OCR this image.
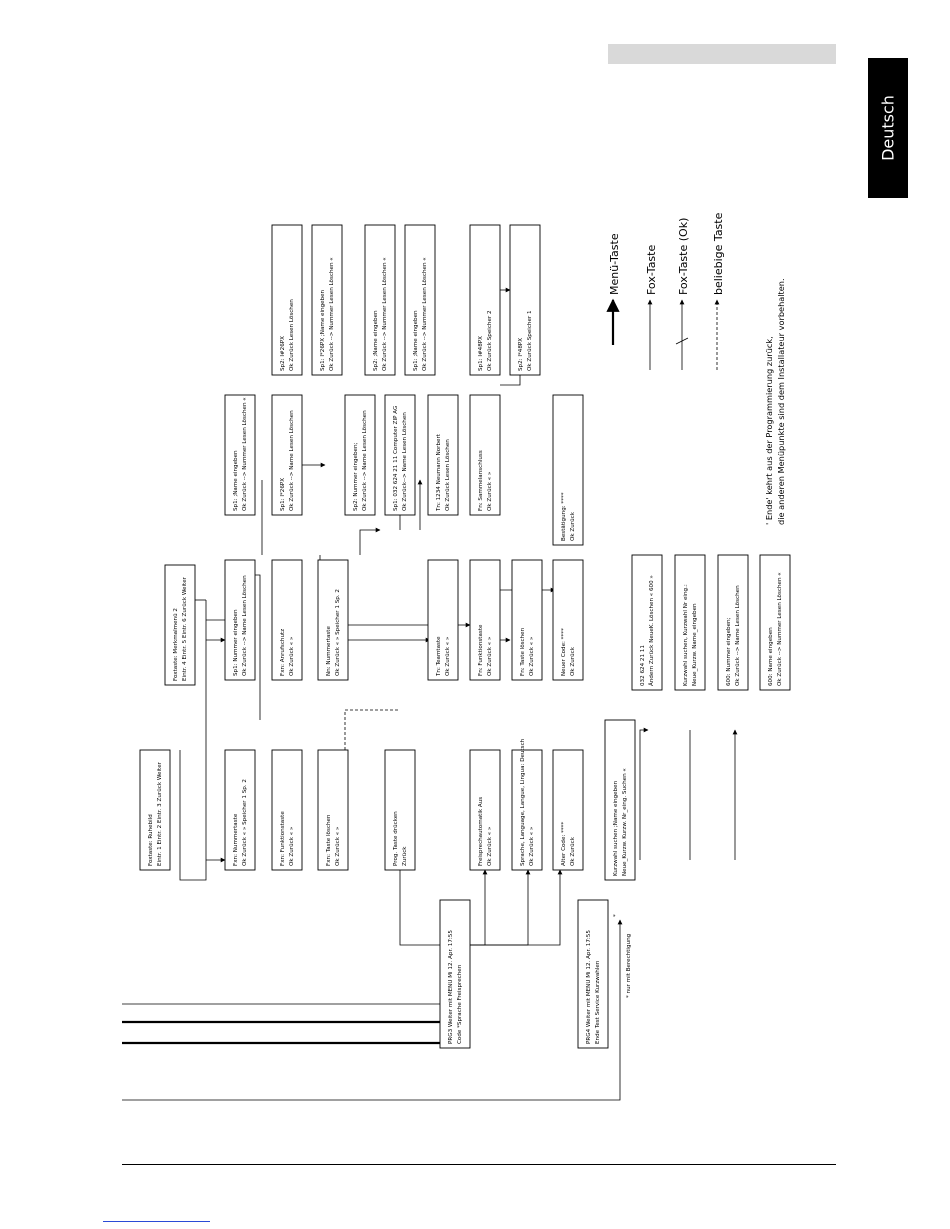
Deutsch
PRG3 Weiter mit MENU Mi 12. Apr. 17:55 Code *Sprache Freisprechen	PRG4 Weiter mit MENU Mi 12. Apr. 17:55 Ende Test Service Kurzwahlen
Foxtaste: Ruhebild Eintr. 1 Eintr. 2 Eintr. 3 Zurück Weiter
Foxtaste: Merkmalmenü 2 Eintr. 4 Eintr. 5 Eintr. 6 Zurück Weiter
Fxn: Nummertaste Ok Zurück « » Speicher 1 Sp. 2
Sp1: Nummer eingeben Ok Zurück --> Name Lesen Löschen
Sp1: ;Name eingeben Ok Zurück --> Nummer Lesen Löschen «
Fxn: Funktionstaste Ok Zurück « »
Fxn: Anrufschutz Ok Zurück « »
Sp1: I*26PX Ok Zurück --> Name Lesen Löschen
Sp1: I*26PX ;Name eingeben Ok Zurück --> Nummer Lesen Löschen «
Sp2: I#26PX Ok Zurück Lesen Löschen
Fxn: Taste löschen Ok Zurück « »
Nn: Nummertaste Ok Zurück « » Speicher 1 Sp. 2
Sp2: Nummer eingeben; Ok Zurück --> Name Lesen Löschen
Sp2: ;Name eingeben Ok Zurück --> Nummer Lesen Löschen «
Sp1: 032 624 21 11 Computer ZIP AG Ok Zurück--> Name Lesen Löschen
Sp1: ;Name eingeben Ok Zurück --> Nummer Lesen Löschen «
Prog. Taste drücken Zurück
Tn: Teamtaste Ok Zurück « »
Tn: 1234 Neumann Norbert Ok Zurück Lesen Löschen
Freisprechautomatik Aus Ok Zurück « »
Fn: Funktionstaste Ok Zurück « »
Fn: Sammelanschluss Ok Zurück « »
Sp1: I#48PX Ok Zurück Speicher 2	Sp2: I*48PX Ok Zurück Speicher 1
Sprache, Language, Langue, Lingua: Deutsch Ok Zurück « »
Fn: Taste löschen Ok Zurück « »
Alter Code: **** Ok Zurück
Neuer Code: **** Ok Zurück
Bestätigung: **** Ok Zurück
Kurzwahl suchen ;Name eingeben Neue_Kurzw. Kurzw. Nr_eing. Suchen «
032 624 21 11 Ändern Zurück NeueK. Löschen « 600 »	Kurzwahl suchen, Kurzwahl Nr eing.: Neue_Kurzw. Name_eingeben	600: Nummer eingeben; Ok Zurück --> Name Lesen Löschen	600: Name eingeben Ok Zurück --> Nummer Lesen Löschen «
* nur mit Berechtigung
*
Menü-Taste Fox-Taste Fox-Taste (Ok) beliebige Taste
' Ende' kehrt aus der Programmierung zurück, die anderen Menüpunkte sind dem Installateur vorbehalten.
